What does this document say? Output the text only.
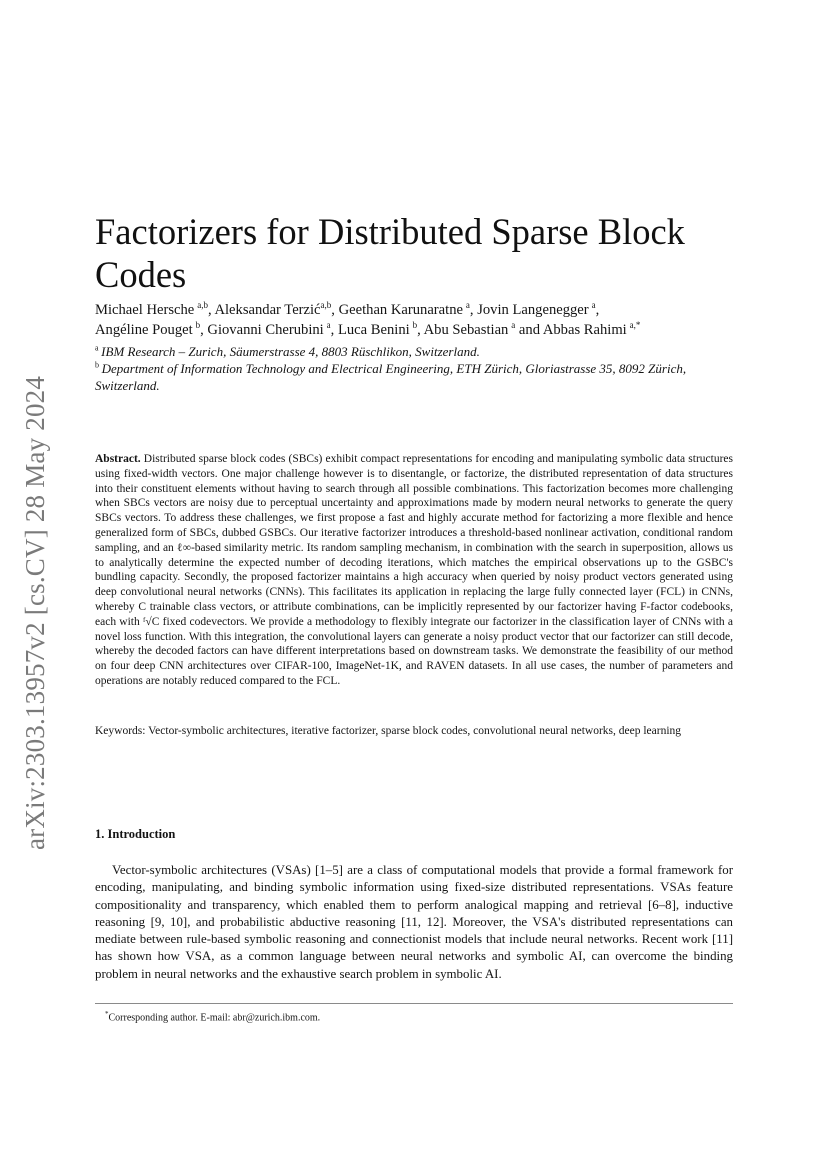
arXiv:2303.13957v2 [cs.CV] 28 May 2024
Factorizers for Distributed Sparse Block Codes
Michael Hersche  $^{a,b}$, Aleksandar Terzić$^{a,b}$, Geethan Karunaratne  $^a$, Jovin Langenegger  $^a$,
Angéline Pouget  $^b$, Giovanni Cherubini  $^a$, Luca Benini  $^b$, Abu Sebastian  $^a$ and Abbas Rahimi  $^{a,*}$
$^a$  IBM Research – Zurich, Säumerstrasse 4, 8803 Rüschlikon, Switzerland.
$^b$  Department of Information Technology and Electrical Engineering, ETH Zürich, Gloriastrasse 35, 8092 Zürich, Switzerland.

Abstract. Distributed sparse block codes (SBCs) exhibit compact representations for encoding and manipulating symbolic data structures using fixed-width vectors. One major challenge however is to disentangle, or factorize, the distributed representation of data structures into their constituent elements without having to search through all possible combinations. This factorization becomes more challenging when SBCs vectors are noisy due to perceptual uncertainty and approximations made by modern neural networks to generate the query SBCs vectors. To address these challenges, we first propose a fast and highly accurate method for factorizing a more flexible and hence generalized form of SBCs, dubbed GSBCs. Our iterative factorizer introduces a threshold-based nonlinear activation, conditional random sampling, and an ℓ∞-based similarity metric. Its random sampling mechanism, in combination with the search in superposition, allows us to analytically determine the expected number of decoding iterations, which matches the empirical observations up to the GSBC's bundling capacity. Secondly, the proposed factorizer maintains a high accuracy when queried by noisy product vectors generated using deep convolutional neural networks (CNNs). This facilitates its application in replacing the large fully connected layer (FCL) in CNNs, whereby C trainable class vectors, or attribute combinations, can be implicitly represented by our factorizer having F-factor codebooks, each with ᶠ√C fixed codevectors. We provide a methodology to flexibly integrate our factorizer in the classification layer of CNNs with a novel loss function. With this integration, the convolutional layers can generate a noisy product vector that our factorizer can still decode, whereby the decoded factors can have different interpretations based on downstream tasks. We demonstrate the feasibility of our method on four deep CNN architectures over CIFAR-100, ImageNet-1K, and RAVEN datasets. In all use cases, the number of parameters and operations are notably reduced compared to the FCL.

Keywords: Vector-symbolic architectures, iterative factorizer, sparse block codes, convolutional neural networks, deep learning
1. Introduction

Vector-symbolic architectures (VSAs) [1–5] are a class of computational models that provide a formal framework for encoding, manipulating, and binding symbolic information using fixed-size distributed representations. VSAs feature compositionality and transparency, which enabled them to perform analogical mapping and retrieval [6–8], inductive reasoning [9, 10], and probabilistic abductive reasoning [11, 12]. Moreover, the VSA's distributed representations can mediate between rule-based symbolic reasoning and connectionist models that include neural networks. Recent work [11] has shown how VSA, as a common language between neural networks and symbolic AI, can overcome the binding problem in neural networks and the exhaustive search problem in symbolic AI.

*Corresponding author. E-mail: abr@zurich.ibm.com.
